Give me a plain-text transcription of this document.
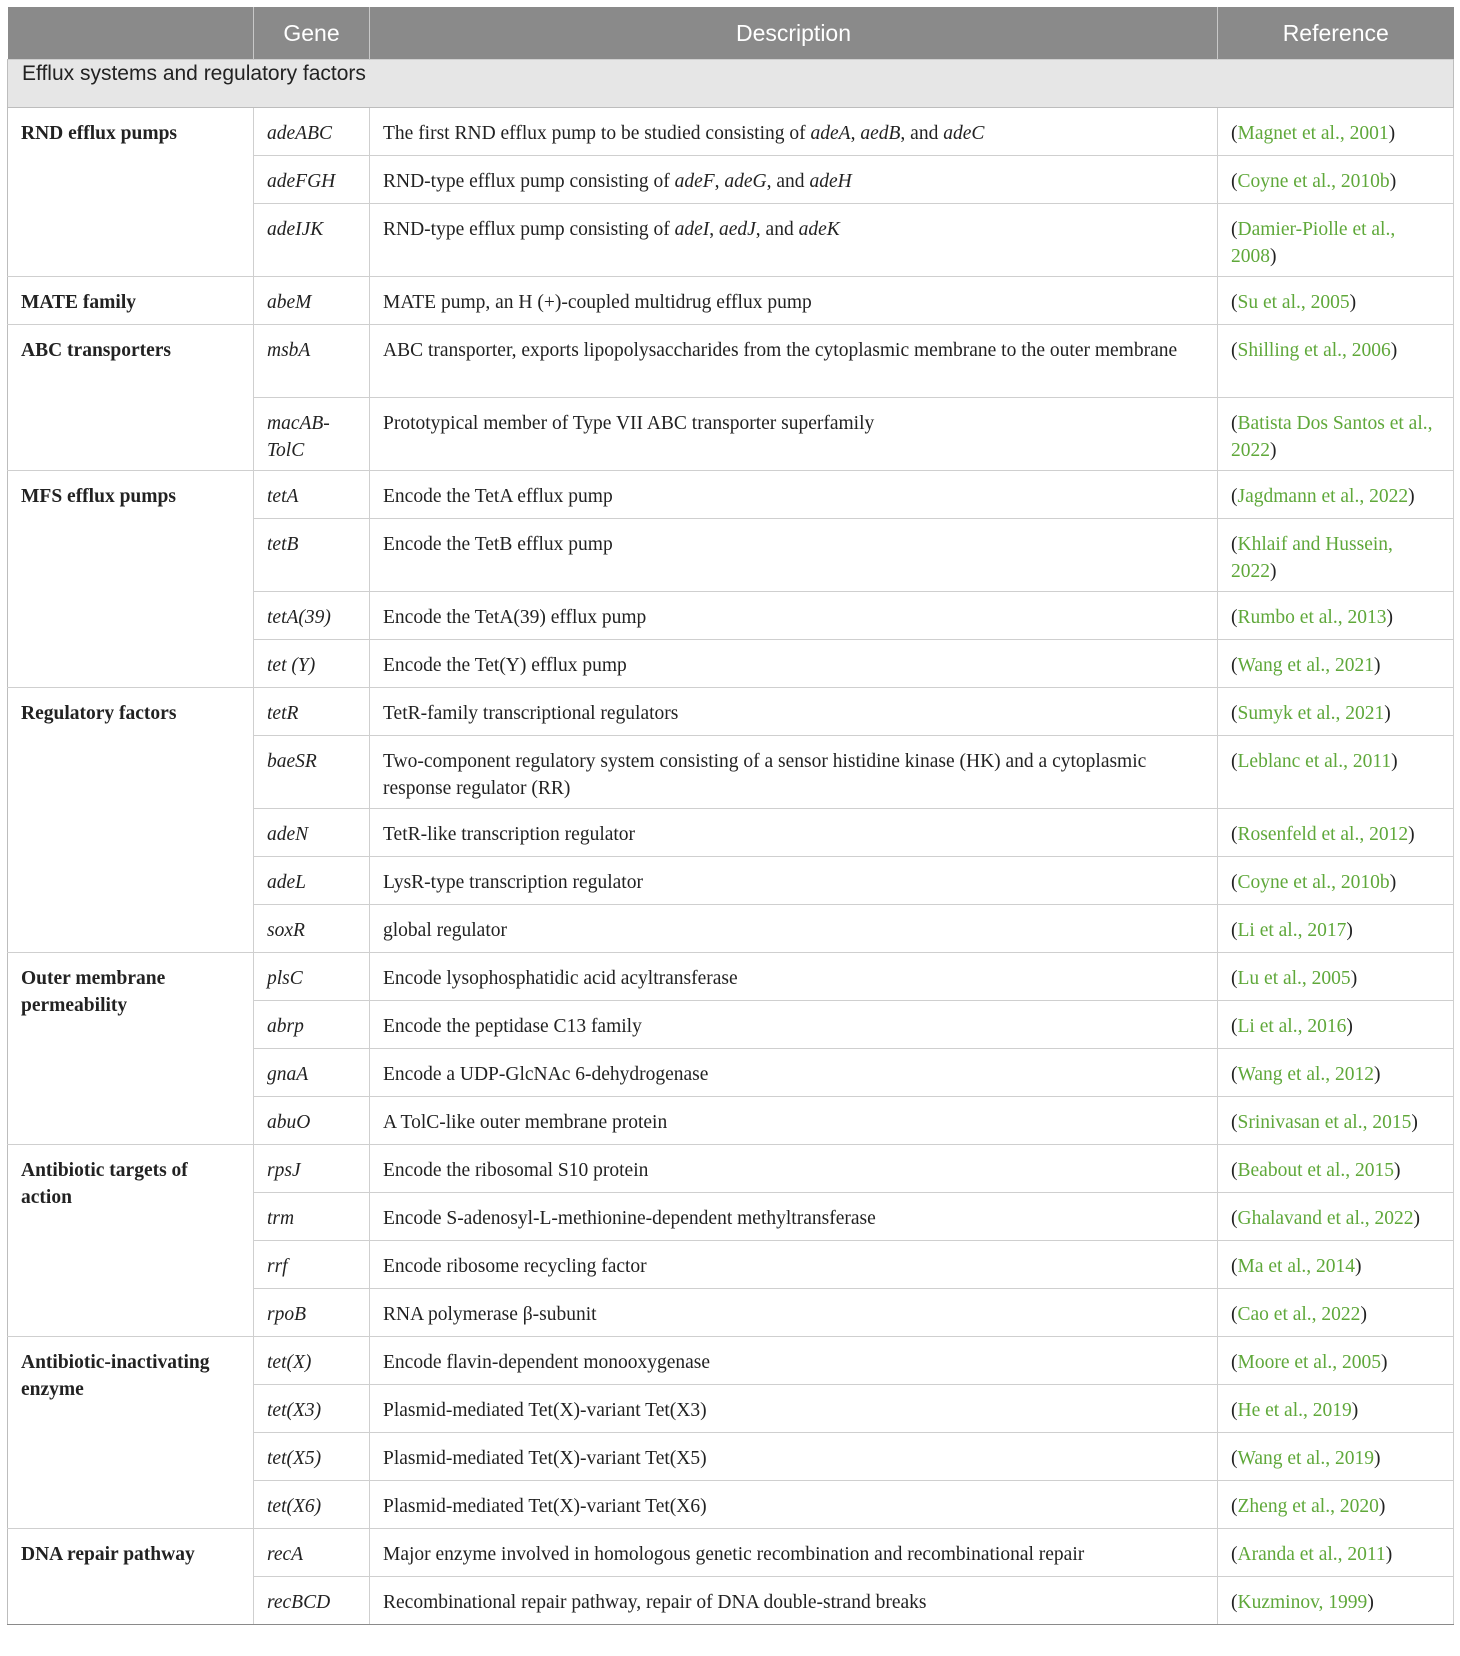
	Gene	Description	Reference
Efflux systems and regulatory factors			
RND efflux pumps	adeABC	The first RND efflux pump to be studied consisting of adeA, aedB, and adeC	(Magnet et al., 2001)
	adeFGH	RND-type efflux pump consisting of adeF, adeG, and adeH	(Coyne et al., 2010b)
	adeIJK	RND-type efflux pump consisting of adeI, aedJ, and adeK	(Damier-Piolle et al., 2008)
MATE family	abeM	MATE pump, an H (+)-coupled multidrug efflux pump	(Su et al., 2005)
ABC transporters	msbA	ABC transporter, exports lipopolysaccharides from the cytoplasmic membrane to the outer membrane	(Shilling et al., 2006)
	macAB-TolC	Prototypical member of Type VII ABC transporter superfamily	(Batista Dos Santos et al., 2022)
MFS efflux pumps	tetA	Encode the TetA efflux pump	(Jagdmann et al., 2022)
	tetB	Encode the TetB efflux pump	(Khlaif and Hussein, 2022)
	tetA(39)	Encode the TetA(39) efflux pump	(Rumbo et al., 2013)
	tet (Y)	Encode the Tet(Y) efflux pump	(Wang et al., 2021)
Regulatory factors	tetR	TetR-family transcriptional regulators	(Sumyk et al., 2021)
	baeSR	Two-component regulatory system consisting of a sensor histidine kinase (HK) and a cytoplasmic response regulator (RR)	(Leblanc et al., 2011)
	adeN	TetR-like transcription regulator	(Rosenfeld et al., 2012)
	adeL	LysR-type transcription regulator	(Coyne et al., 2010b)
	soxR	global regulator	(Li et al., 2017)
Outer membrane permeability	plsC	Encode lysophosphatidic acid acyltransferase	(Lu et al., 2005)
	abrp	Encode the peptidase C13 family	(Li et al., 2016)
	gnaA	Encode a UDP-GlcNAc 6-dehydrogenase	(Wang et al., 2012)
	abuO	A TolC-like outer membrane protein	(Srinivasan et al., 2015)
Antibiotic targets of action	rpsJ	Encode the ribosomal S10 protein	(Beabout et al., 2015)
	trm	Encode S-adenosyl-L-methionine-dependent methyltransferase	(Ghalavand et al., 2022)
	rrf	Encode ribosome recycling factor	(Ma et al., 2014)
	rpoB	RNA polymerase β-subunit	(Cao et al., 2022)
Antibiotic-inactivating enzyme	tet(X)	Encode flavin-dependent monooxygenase	(Moore et al., 2005)
	tet(X3)	Plasmid-mediated Tet(X)-variant Tet(X3)	(He et al., 2019)
	tet(X5)	Plasmid-mediated Tet(X)-variant Tet(X5)	(Wang et al., 2019)
	tet(X6)	Plasmid-mediated Tet(X)-variant Tet(X6)	(Zheng et al., 2020)
DNA repair pathway	recA	Major enzyme involved in homologous genetic recombination and recombinational repair	(Aranda et al., 2011)
	recBCD	Recombinational repair pathway, repair of DNA double-strand breaks	(Kuzminov, 1999)
